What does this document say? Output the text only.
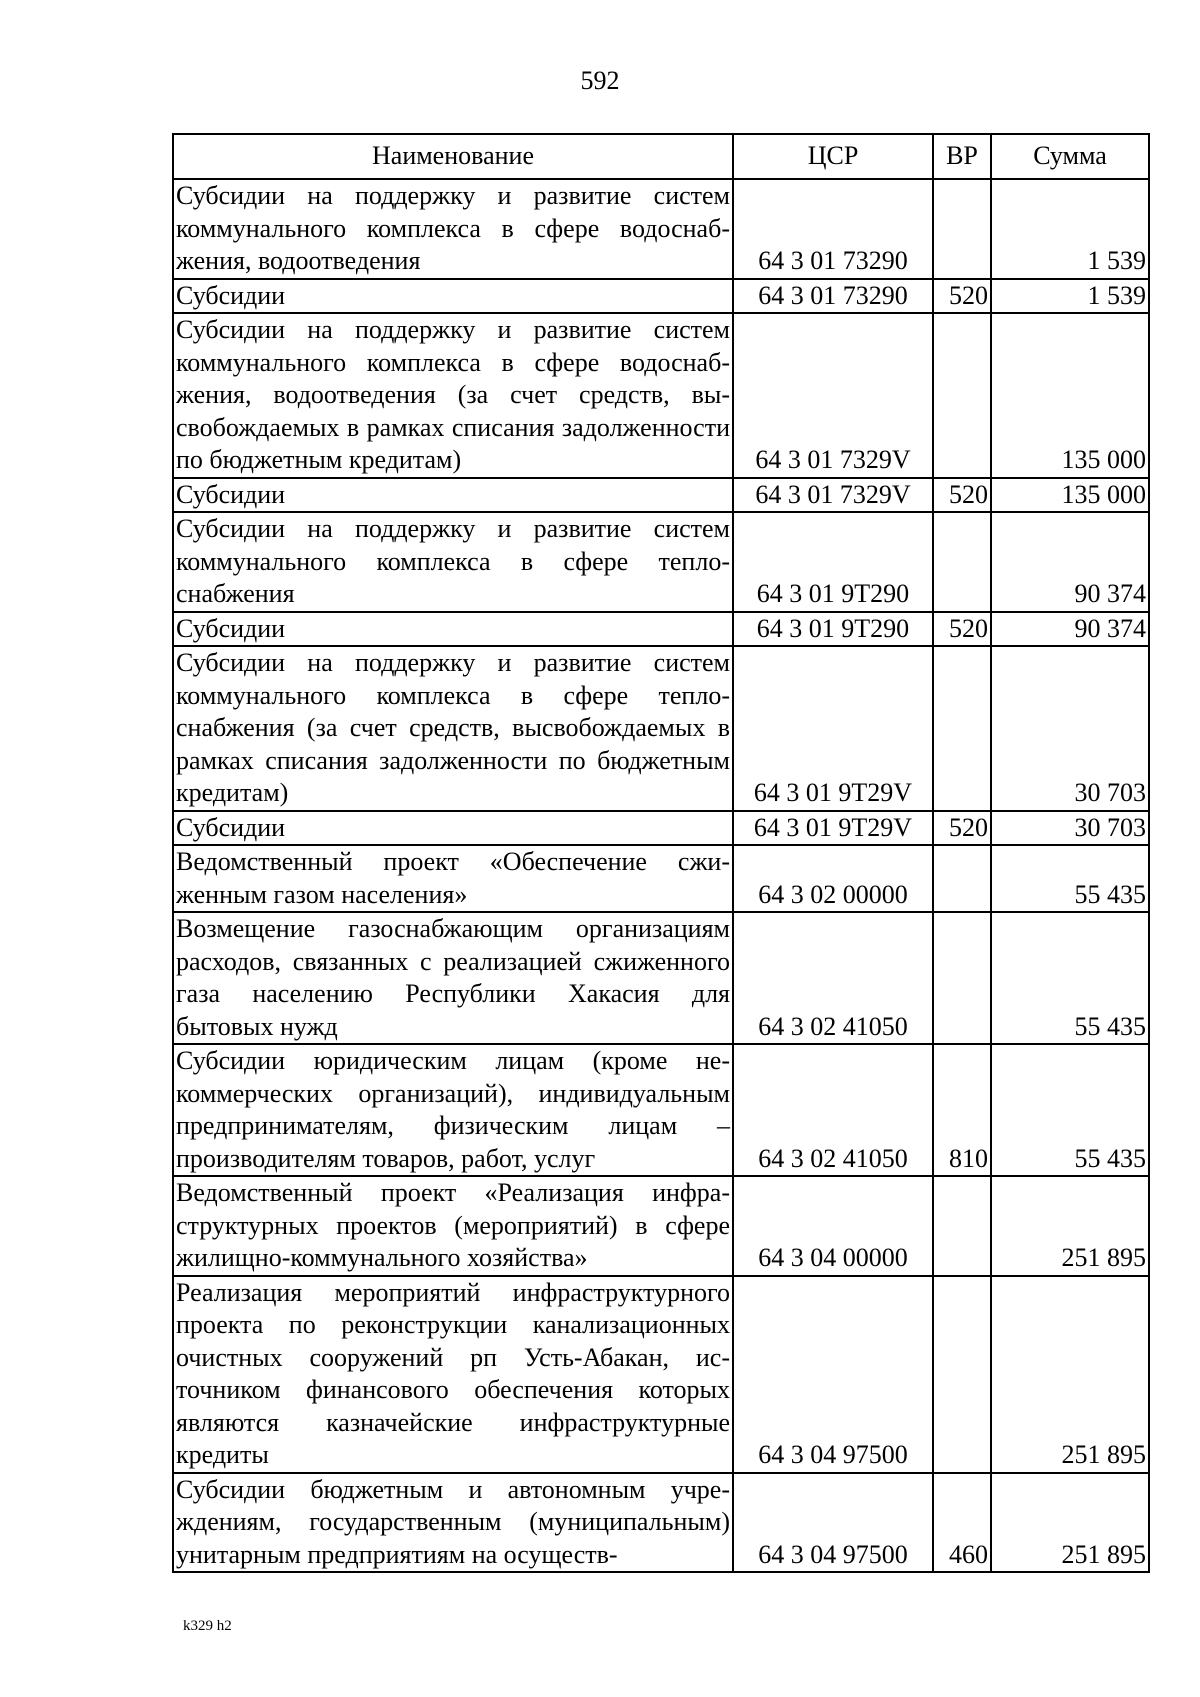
592
Наименование	ЦСР	ВР	Сумма
Субсидии на поддержку и развитие систем коммунального комплекса в сфере водоснабжения, водоотведения	64 3 01 73290		1 539
Субсидии	64 3 01 73290	520	1 539
Субсидии на поддержку и развитие систем коммунального комплекса в сфере водоснабжения, водоотведения (за счет средств, высвобождаемых в рамках списания задолженности по бюджетным кредитам)	64 3 01 7329V		135 000
Субсидии	64 3 01 7329V	520	135 000
Субсидии на поддержку и развитие систем коммунального комплекса в сфере теплоснабжения	64 3 01 9Т290		90 374
Субсидии	64 3 01 9Т290	520	90 374
Субсидии на поддержку и развитие систем коммунального комплекса в сфере теплоснабжения (за счет средств, высвобождаемых в рамках списания задолженности по бюджетным кредитам)	64 3 01 9Т29V		30 703
Субсидии	64 3 01 9Т29V	520	30 703
Ведомственный проект «Обеспечение сжиженным газом населения»	64 3 02 00000		55 435
Возмещение газоснабжающим организациям расходов, связанных с реализацией сжиженного газа населению Республики Хакасия для бытовых нужд	64 3 02 41050		55 435
Субсидии юридическим лицам (кроме некоммерческих организаций), индивидуальным предпринимателям, физическим лицам – производителям товаров, работ, услуг	64 3 02 41050	810	55 435
Ведомственный проект «Реализация инфраструктурных проектов (мероприятий) в сфере жилищно-коммунального хозяйства»	64 3 04 00000		251 895
Реализация мероприятий инфраструктурного проекта по реконструкции канализационных очистных сооружений рп Усть-Абакан, источником финансового обеспечения которых являются казначейские инфраструктурные кредиты	64 3 04 97500		251 895
Субсидии бюджетным и автономным учреждениям, государственным (муниципальным) унитарным предприятиям на осуществ-	64 3 04 97500	460	251 895
k329 h2
